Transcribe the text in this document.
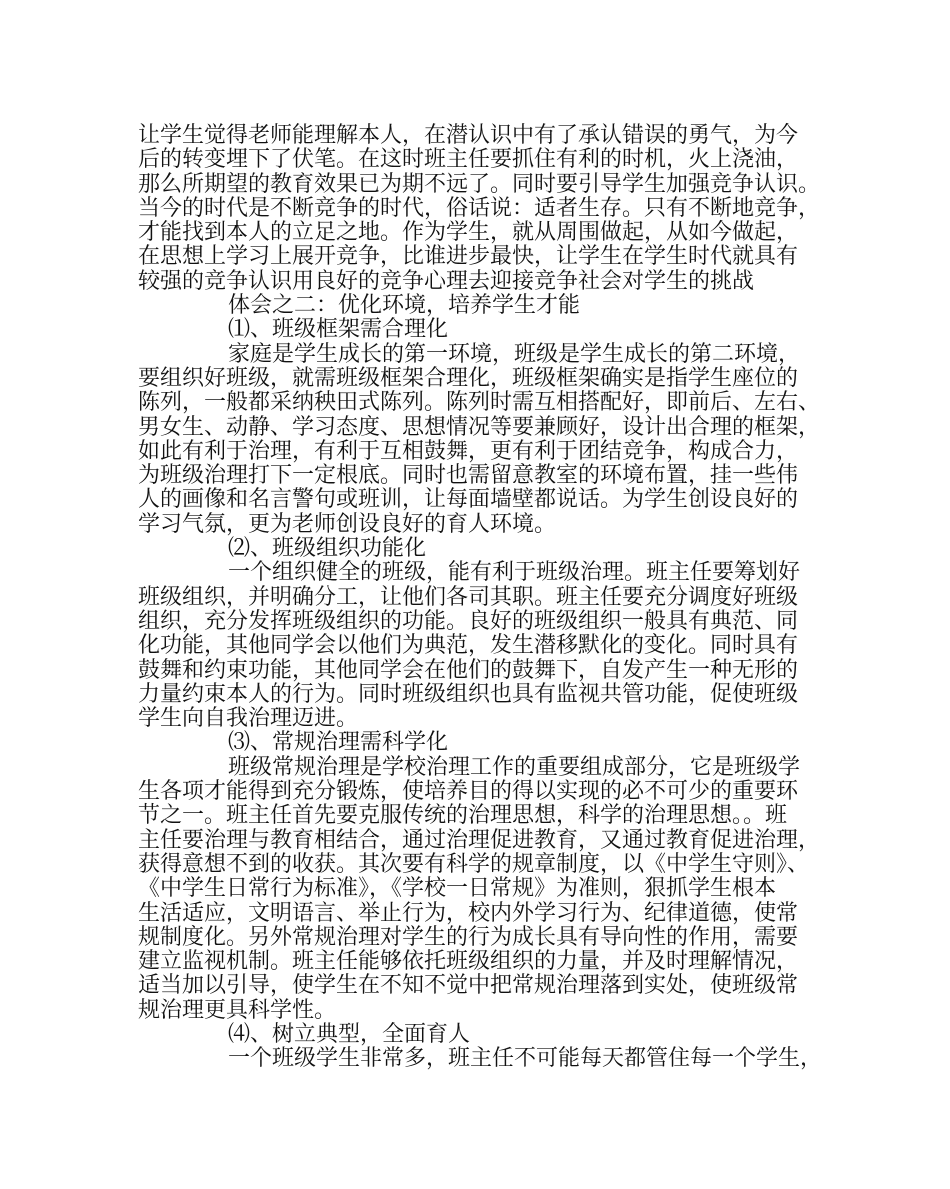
让学生觉得老师能理解本人，在潜认识中有了承认错误的勇气，为今
后的转变埋下了伏笔。在这时班主任要抓住有利的时机，火上浇油，
那么所期望的教育效果已为期不远了。同时要引导学生加强竞争认识。
当今的时代是不断竞争的时代，俗话说：适者生存。只有不断地竞争，
才能找到本人的立足之地。作为学生，就从周围做起，从如今做起，
在思想上学习上展开竞争，比谁进步最快，让学生在学生时代就具有
较强的竞争认识用良好的竞争心理去迎接竞争社会对学生的挑战
体会之二：优化环境，培养学生才能
⑴、班级框架需合理化
家庭是学生成长的第一环境，班级是学生成长的第二环境，
要组织好班级，就需班级框架合理化，班级框架确实是指学生座位的
陈列，一般都采纳秧田式陈列。陈列时需互相搭配好，即前后、左右、
男女生、动静、学习态度、思想情况等要兼顾好，设计出合理的框架，
如此有利于治理，有利于互相鼓舞，更有利于团结竞争，构成合力，
为班级治理打下一定根底。同时也需留意教室的环境布置，挂一些伟
人的画像和名言警句或班训，让每面墙壁都说话。为学生创设良好的
学习气氛，更为老师创设良好的育人环境。
⑵、班级组织功能化
一个组织健全的班级，能有利于班级治理。班主任要筹划好
班级组织，并明确分工，让他们各司其职。班主任要充分调度好班级
组织，充分发挥班级组织的功能。良好的班级组织一般具有典范、同
化功能，其他同学会以他们为典范，发生潜移默化的变化。同时具有
鼓舞和约束功能，其他同学会在他们的鼓舞下，自发产生一种无形的
力量约束本人的行为。同时班级组织也具有监视共管功能，促使班级
学生向自我治理迈进。
⑶、常规治理需科学化
班级常规治理是学校治理工作的重要组成部分，它是班级学
生各项才能得到充分锻炼，使培养目的得以实现的必不可少的重要环
节之一。班主任首先要克服传统的治理思想，科学的治理思想。。班
主任要治理与教育相结合，通过治理促进教育，又通过教育促进治理，
获得意想不到的收获。其次要有科学的规章制度，以《中学生守则》、
《中学生日常行为标准》，《学校一日常规》为准则，狠抓学生根本
生活适应，文明语言、举止行为，校内外学习行为、纪律道德，使常
规制度化。另外常规治理对学生的行为成长具有导向性的作用，需要
建立监视机制。班主任能够依托班级组织的力量，并及时理解情况，
适当加以引导，使学生在不知不觉中把常规治理落到实处，使班级常
规治理更具科学性。
⑷、树立典型，全面育人
一个班级学生非常多，班主任不可能每天都管住每一个学生，
